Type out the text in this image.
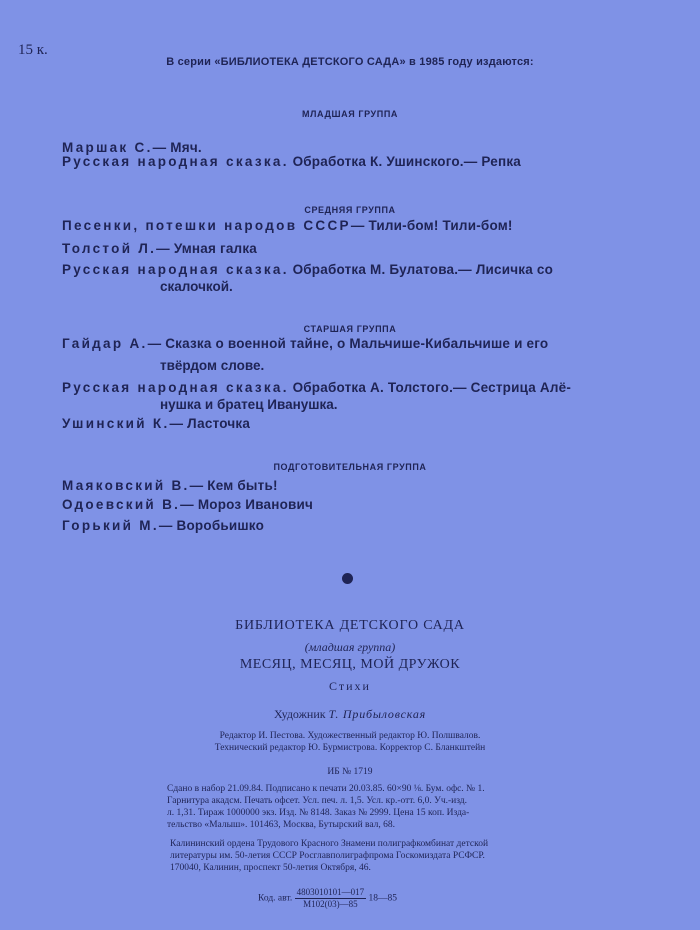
15 к.
В серии «БИБЛИОТЕКА ДЕТСКОГО САДА» в 1985 году издаются:
МЛАДШАЯ ГРУППА
Маршак С.— Мяч.
Русская народная сказка. Обработка К. Ушинского.— Репка
СРЕДНЯЯ ГРУППА
Песенки, потешки народов СССР— Тили-бом! Тили-бом!
Толстой Л.— Умная галка
Русская народная сказка. Обработка М. Булатова.— Лисичка со
скалочкой.
СТАРШАЯ ГРУППА
Гайдар А.— Сказка о военной тайне, о Мальчише-Кибальчише и его
твёрдом слове.
Русская народная сказка. Обработка А. Толстого.— Сестрица Алё-
нушка и братец Иванушка.
Ушинский К.— Ласточка
ПОДГОТОВИТЕЛЬНАЯ ГРУППА
Маяковский В.— Кем быть!
Одоевский В.— Мороз Иванович
Горький М.— Воробьишко
БИБЛИОТЕКА ДЕТСКОГО САДА
(младшая группа)
МЕСЯЦ, МЕСЯЦ, МОЙ ДРУЖОК
Стихи
Художник Т. Прибыловская
Редактор И. Пестова. Художественный редактор Ю. Полшвалов.
Технический редактор Ю. Бурмистрова. Корректор С. Бланкштейн
ИБ № 1719
Сдано в набор 21.09.84. Подписано к печати 20.03.85. 60×90 ⅛. Бум. офс. № 1.
Гарнитура акадсм. Печать офсет. Усл. печ. л. 1,5. Усл. кр.-отт. 6,0. Уч.-изд.
л. 1,31. Тираж 1000000 экз. Изд. № 8148. Заказ № 2999. Цена 15 коп. Изда-
тельство «Малыш». 101463, Москва, Бутырский вал, 68.
Калининский ордена Трудового Красного Знамени полиграфкомбинат детской
литературы им. 50-летия СССР Росглавполиграфпрома Госкомиздата РСФСР.
170040, Калинин, проспект 50-летия Октября, 46.
Код. авт. $\frac{4803010101—017}{М102(03)—85}$ 18—85
